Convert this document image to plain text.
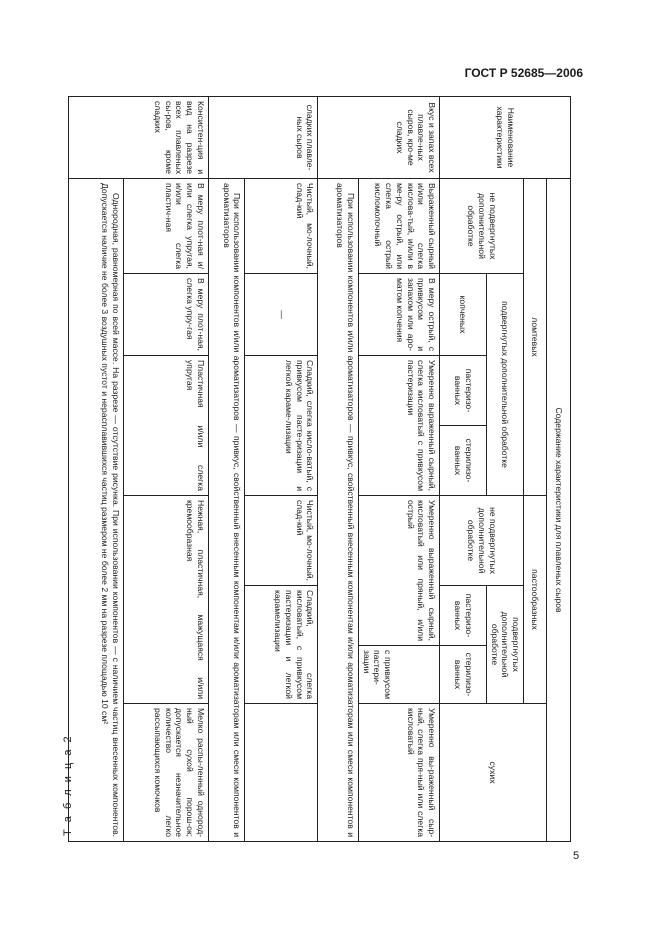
ГОСТ Р 52685—2006
Т а б л и ц а 2
Наименование характеристики	Содержание характеристики для плавленых сыров							
	ломтевых				пастообразных			сухих
	не подвергнутых дополнительной обработке	подвергнутых дополнительной обработке			не подвергнутых дополнительной обработке	подвергнутых дополнительной обработке		
		копченых	пастеризо-ванных	стерилизо-ванных		пастеризо-ванных	стерилизо-ванных	

Вкус и запах всех плавле-ных сыров, кро-ме сладких	Выраженный сырный и/или слегка кислова-тый, и/или в ме-ру острый, или слегка острый кисломолочный	В меру острый, с привкусом и запахом или аро-матом копчения	Умеренно выраженный сырный, слегка кисловатый с привкусом пастеризации		Умеренно выраженный сырный, кисловатый или пряный, и/или острый		с привкусом пастери-зации	Умеренно вы-раженный сыр-ный, слегка пря-ный или слегка кисловатый
	При использовании компонентов и/или ароматизаторов — привкус, свойственный внесенным компонентам и/или ароматизаторам или смеси компонентов и ароматизаторов							
сладких плавле-ных сыров	Чистый, мо-лочный, слад-кий	—	Сладкий, слегка кисло-ватый, с привкусом пасте-ризации и легкой караме-лизации		Чистый, мо-лочный, слад-кий	Сладкий, слегка кисловатый, с привкусом пастеризации и легкой карамелизации		
	При использовании компонентов и/или ароматизаторов — привкус, свойственный внесенным компонентам и/или ароматизаторам или смеси компонентов и ароматизаторов							
Консистен-ция и вид на разрезе всех плавленых сы-ров, кроме сладких	В меру плот-ная и/или слегка упругая, и/или слегка пластич-ная	В меру плот-ная, слегка упру-гая	Пластичная и/или слегка упругая		Нежная, пластичная, мажущаяся и/или кремообразная			Мелко распы-ленный однород-ный сухой порош-ок; допускается незначительное количество легко рассыпающихся комочков
	Однородная, равномерная по всей массе. На разрезе — отсутствие рисунка. При использовании компонентов — с наличием частиц внесенных компонентов. Допускается наличие не более 3 воздушных пустот и нерасплавившихся частиц размером не более 2 мм на разрезе площадью 10 см²							
5
